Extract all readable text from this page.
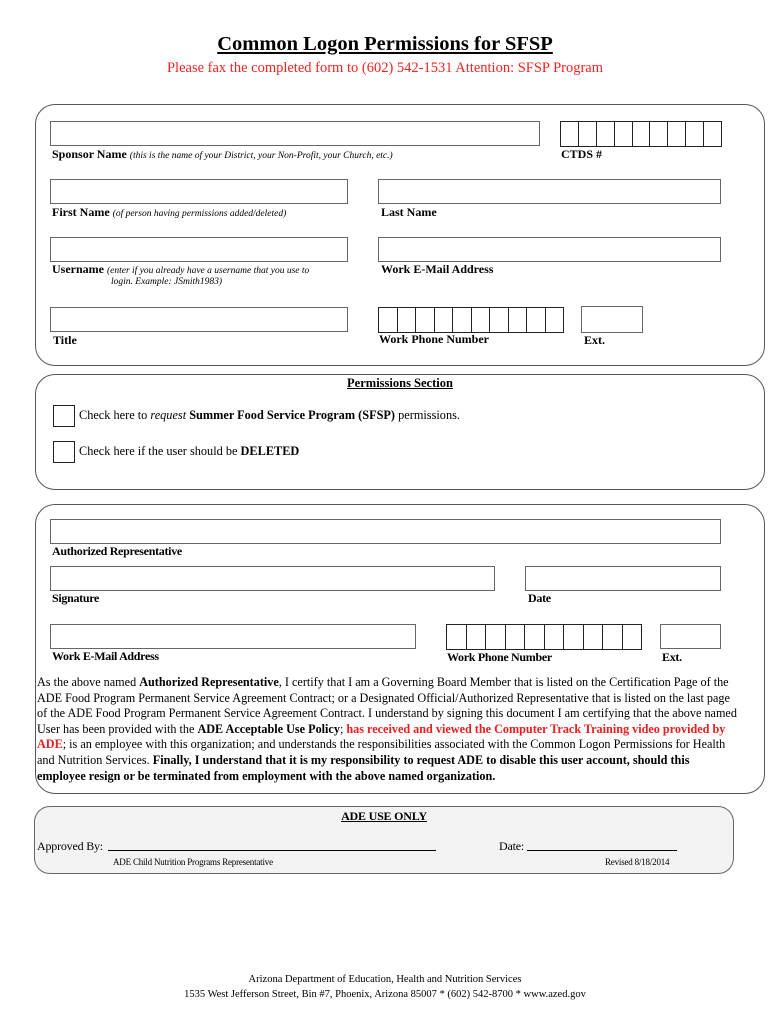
Common Logon Permissions for SFSP
Please fax the completed form to (602) 542-1531 Attention: SFSP Program
Sponsor Name (this is the name of your District, your Non-Profit, your Church, etc.)	CTDS #
First Name (of person having permissions added/deleted)	Last Name
Username (enter if you already have a username that you use to
login. Example: JSmith1983)
Work E-Mail Address
Title	Work Phone Number	Ext.
Permissions Section
Check here to request Summer Food Service Program (SFSP) permissions.
Check here if the user should be DELETED
Authorized Representative
Signature	Date
Work E-Mail Address	Work Phone Number	Ext.
As the above named Authorized Representative, I certify that I am a Governing Board Member that is listed on the Certification Page of the ADE Food Program Permanent Service Agreement Contract; or a Designated Official/Authorized Representative that is listed on the last page of the ADE Food Program Permanent Service Agreement Contract. I understand by signing this document I am certifying that the above named User has been provided with the ADE Acceptable Use Policy; has received and viewed the Computer Track Training video provided by ADE; is an employee with this organization; and understands the responsibilities associated with the Common Logon Permissions for Health and Nutrition Services. Finally, I understand that it is my responsibility to request ADE to disable this user account, should this employee resign or be terminated from employment with the above named organization.
ADE USE ONLY
Approved By:
ADE Child Nutrition Programs Representative
Date:
Revised 8/18/2014
Arizona Department of Education, Health and Nutrition Services
1535 West Jefferson Street, Bin #7, Phoenix, Arizona 85007 * (602) 542-8700 * www.azed.gov
